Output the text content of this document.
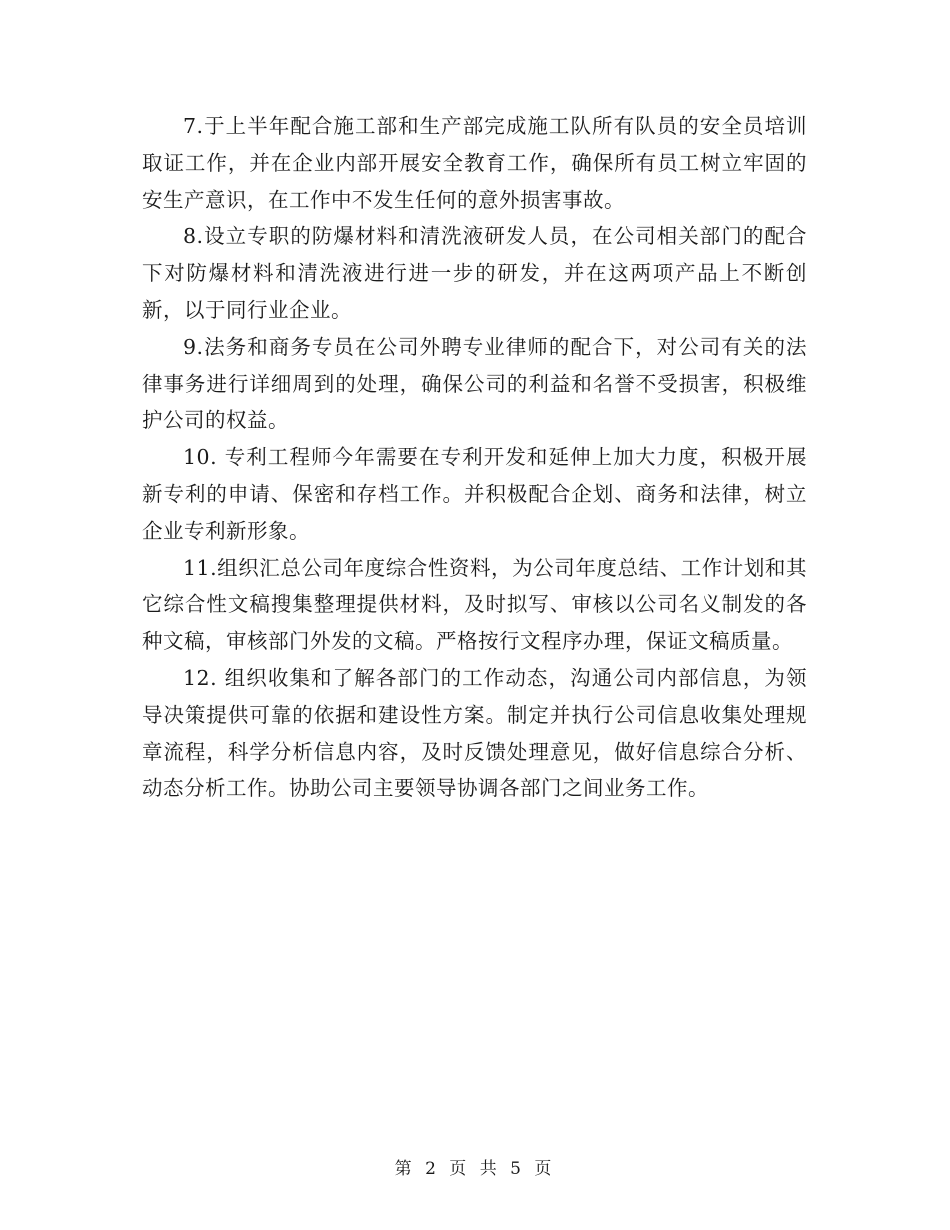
7.于上半年配合施工部和生产部完成施工队所有队员的安全员培训取证工作，并在企业内部开展安全教育工作，确保所有员工树立牢固的安生产意识，在工作中不发生任何的意外损害事故。

8.设立专职的防爆材料和清洗液研发人员，在公司相关部门的配合下对防爆材料和清洗液进行进一步的研发，并在这两项产品上不断创新，以于同行业企业。

9.法务和商务专员在公司外聘专业律师的配合下，对公司有关的法律事务进行详细周到的处理，确保公司的利益和名誉不受损害，积极维护公司的权益。

10. 专利工程师今年需要在专利开发和延伸上加大力度，积极开展新专利的申请、保密和存档工作。并积极配合企划、商务和法律，树立企业专利新形象。

11.组织汇总公司年度综合性资料，为公司年度总结、工作计划和其它综合性文稿搜集整理提供材料，及时拟写、审核以公司名义制发的各种文稿，审核部门外发的文稿。严格按行文程序办理，保证文稿质量。

12. 组织收集和了解各部门的工作动态，沟通公司内部信息，为领导决策提供可靠的依据和建设性方案。制定并执行公司信息收集处理规章流程，科学分析信息内容，及时反馈处理意见，做好信息综合分析、动态分析工作。协助公司主要领导协调各部门之间业务工作。

第 2 页 共 5 页
